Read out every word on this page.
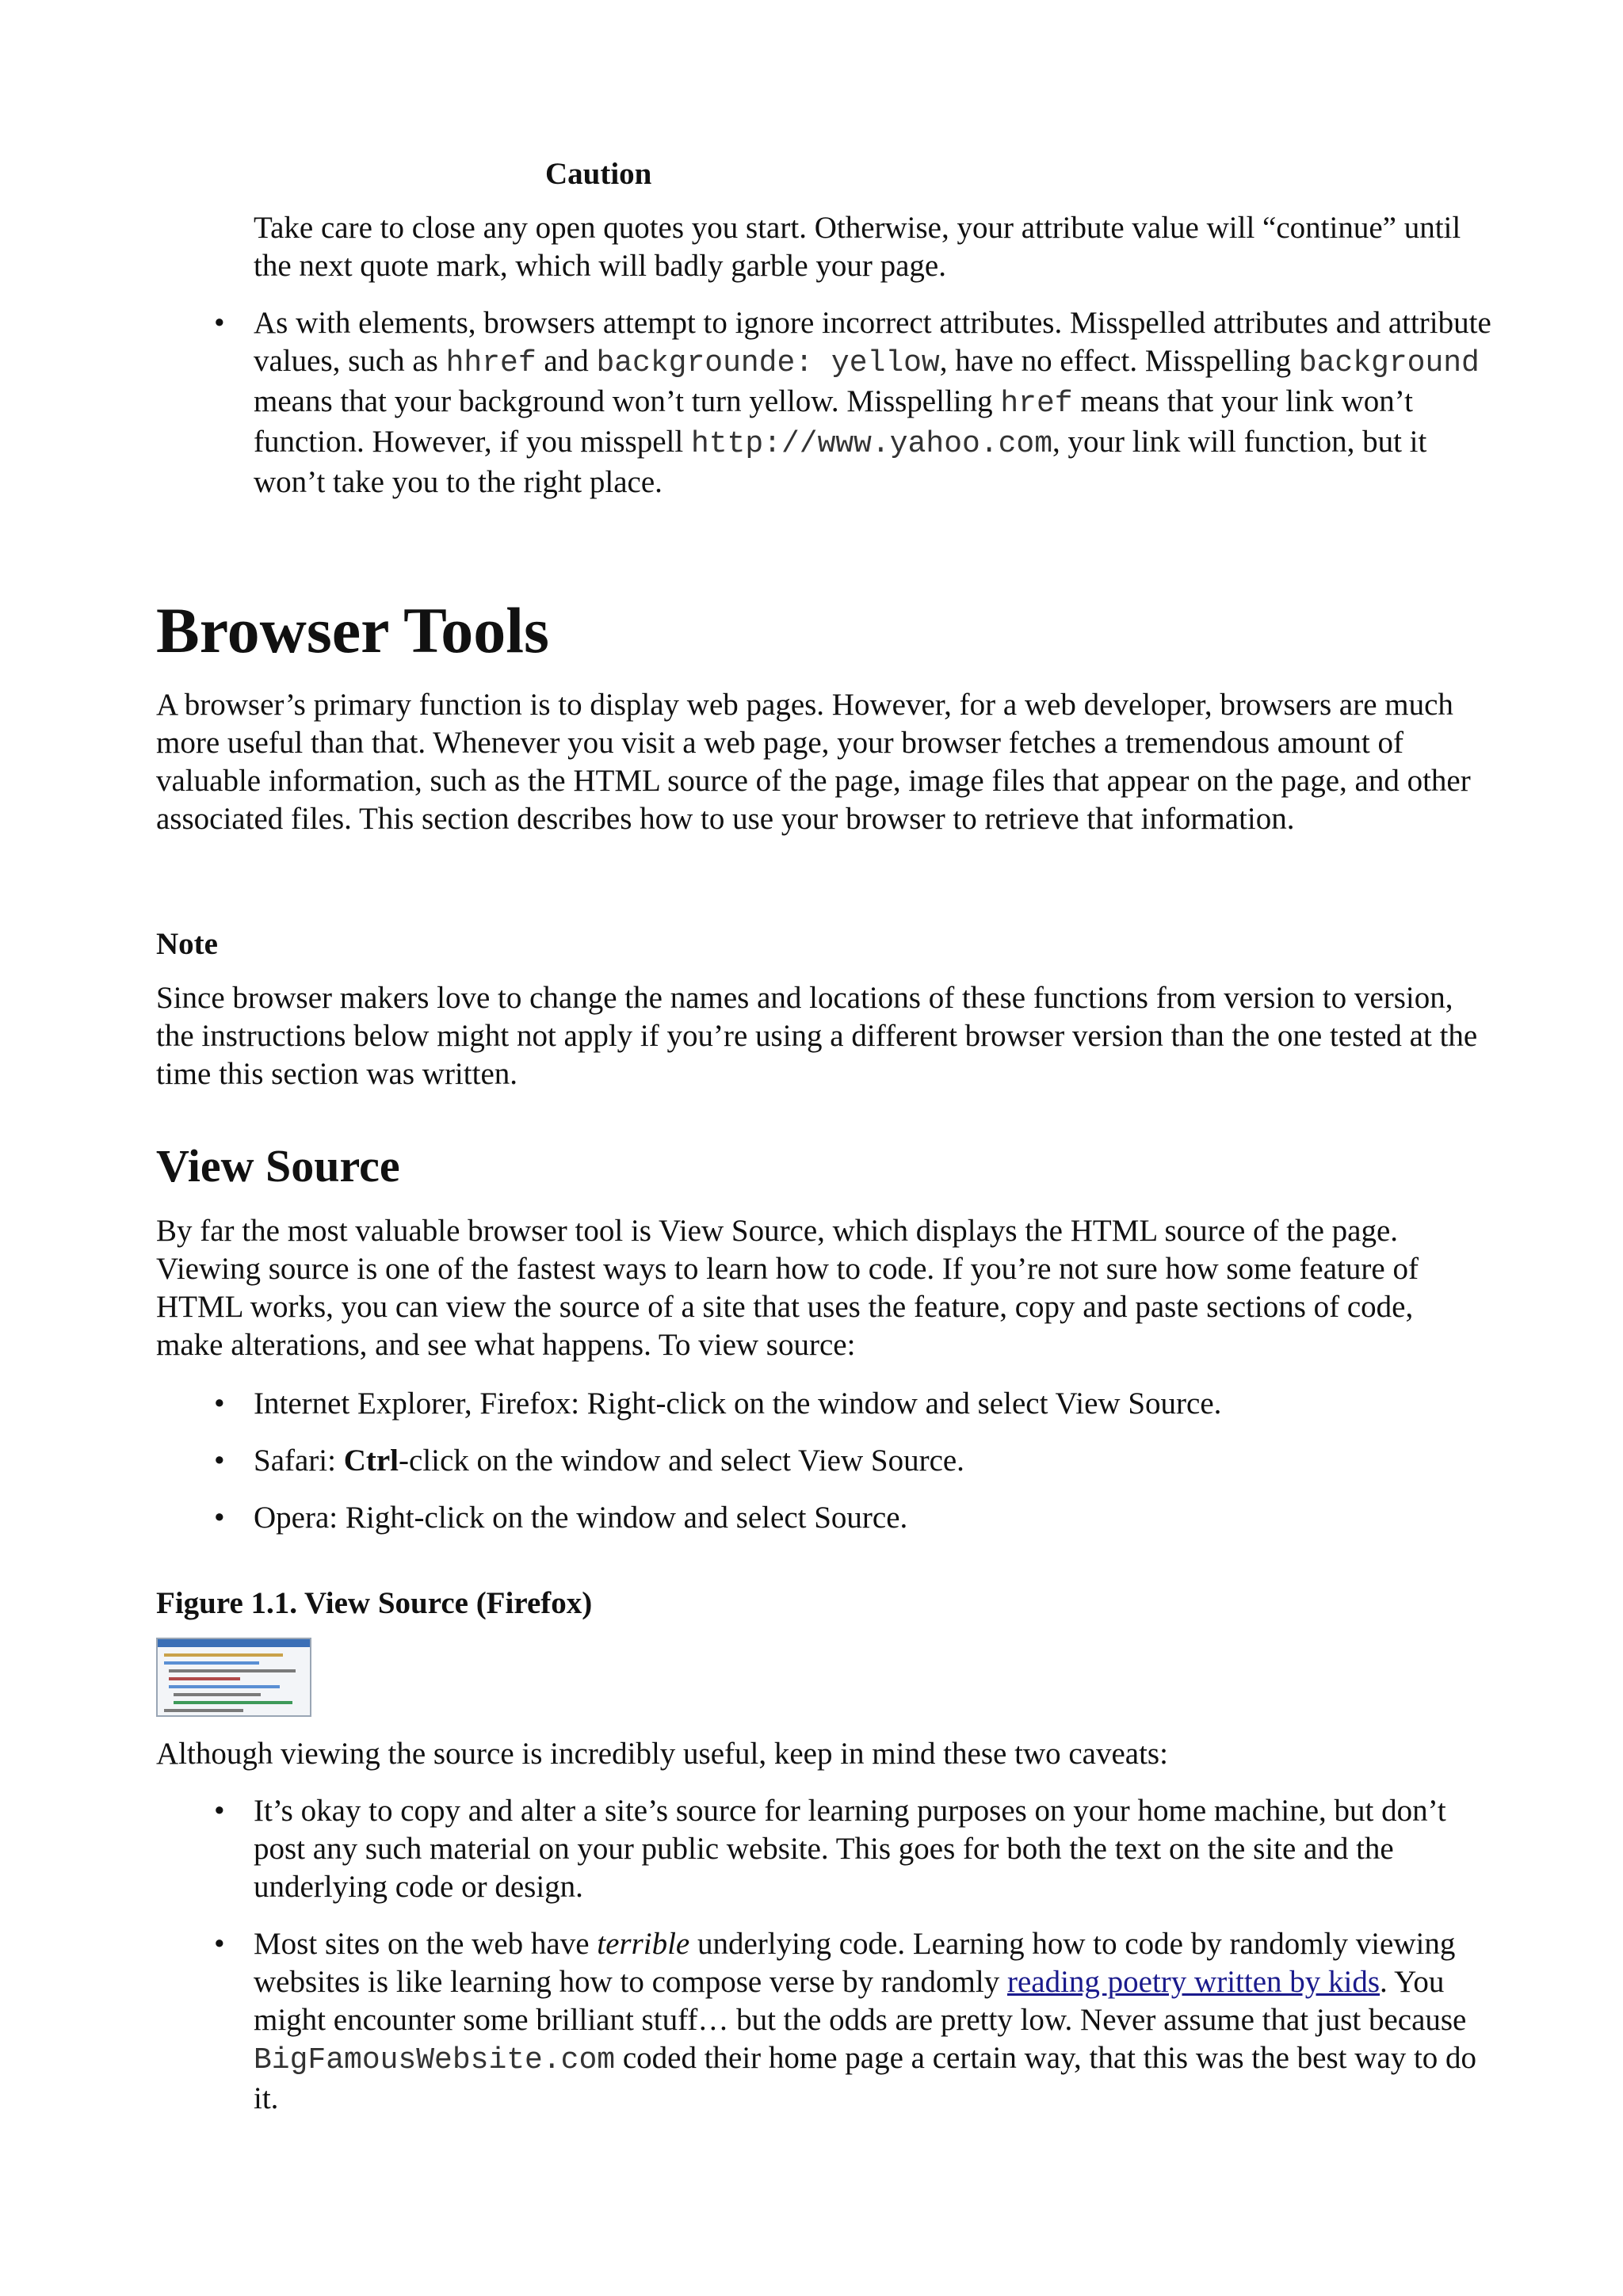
Caution
Take care to close any open quotes you start. Otherwise, your attribute value will “continue” until the next quote mark, which will badly garble your page.
• As with elements, browsers attempt to ignore incorrect attributes. Misspelled attributes and attribute values, such as hhref and backgrounde: yellow, have no effect. Misspelling background means that your background won’t turn yellow. Misspelling href means that your link won’t function. However, if you misspell http://www.yahoo.com, your link will function, but it won’t take you to the right place.
Browser Tools
A browser’s primary function is to display web pages. However, for a web developer, browsers are much more useful than that. Whenever you visit a web page, your browser fetches a tremendous amount of valuable information, such as the HTML source of the page, image files that appear on the page, and other associated files. This section describes how to use your browser to retrieve that information.
Note
Since browser makers love to change the names and locations of these functions from version to version, the instructions below might not apply if you’re using a different browser version than the one tested at the time this section was written.
View Source
By far the most valuable browser tool is View Source, which displays the HTML source of the page. Viewing source is one of the fastest ways to learn how to code. If you’re not sure how some feature of HTML works, you can view the source of a site that uses the feature, copy and paste sections of code, make alterations, and see what happens. To view source:
• Internet Explorer, Firefox: Right-click on the window and select View Source.
• Safari: Ctrl-click on the window and select View Source.
• Opera: Right-click on the window and select Source.
Figure 1.1. View Source (Firefox)
Although viewing the source is incredibly useful, keep in mind these two caveats:
• It’s okay to copy and alter a site’s source for learning purposes on your home machine, but don’t post any such material on your public website. This goes for both the text on the site and the underlying code or design.
• Most sites on the web have terrible underlying code. Learning how to code by randomly viewing websites is like learning how to compose verse by randomly reading poetry written by kids. You might encounter some brilliant stuff… but the odds are pretty low. Never assume that just because BigFamousWebsite.com coded their home page a certain way, that this was the best way to do it.
